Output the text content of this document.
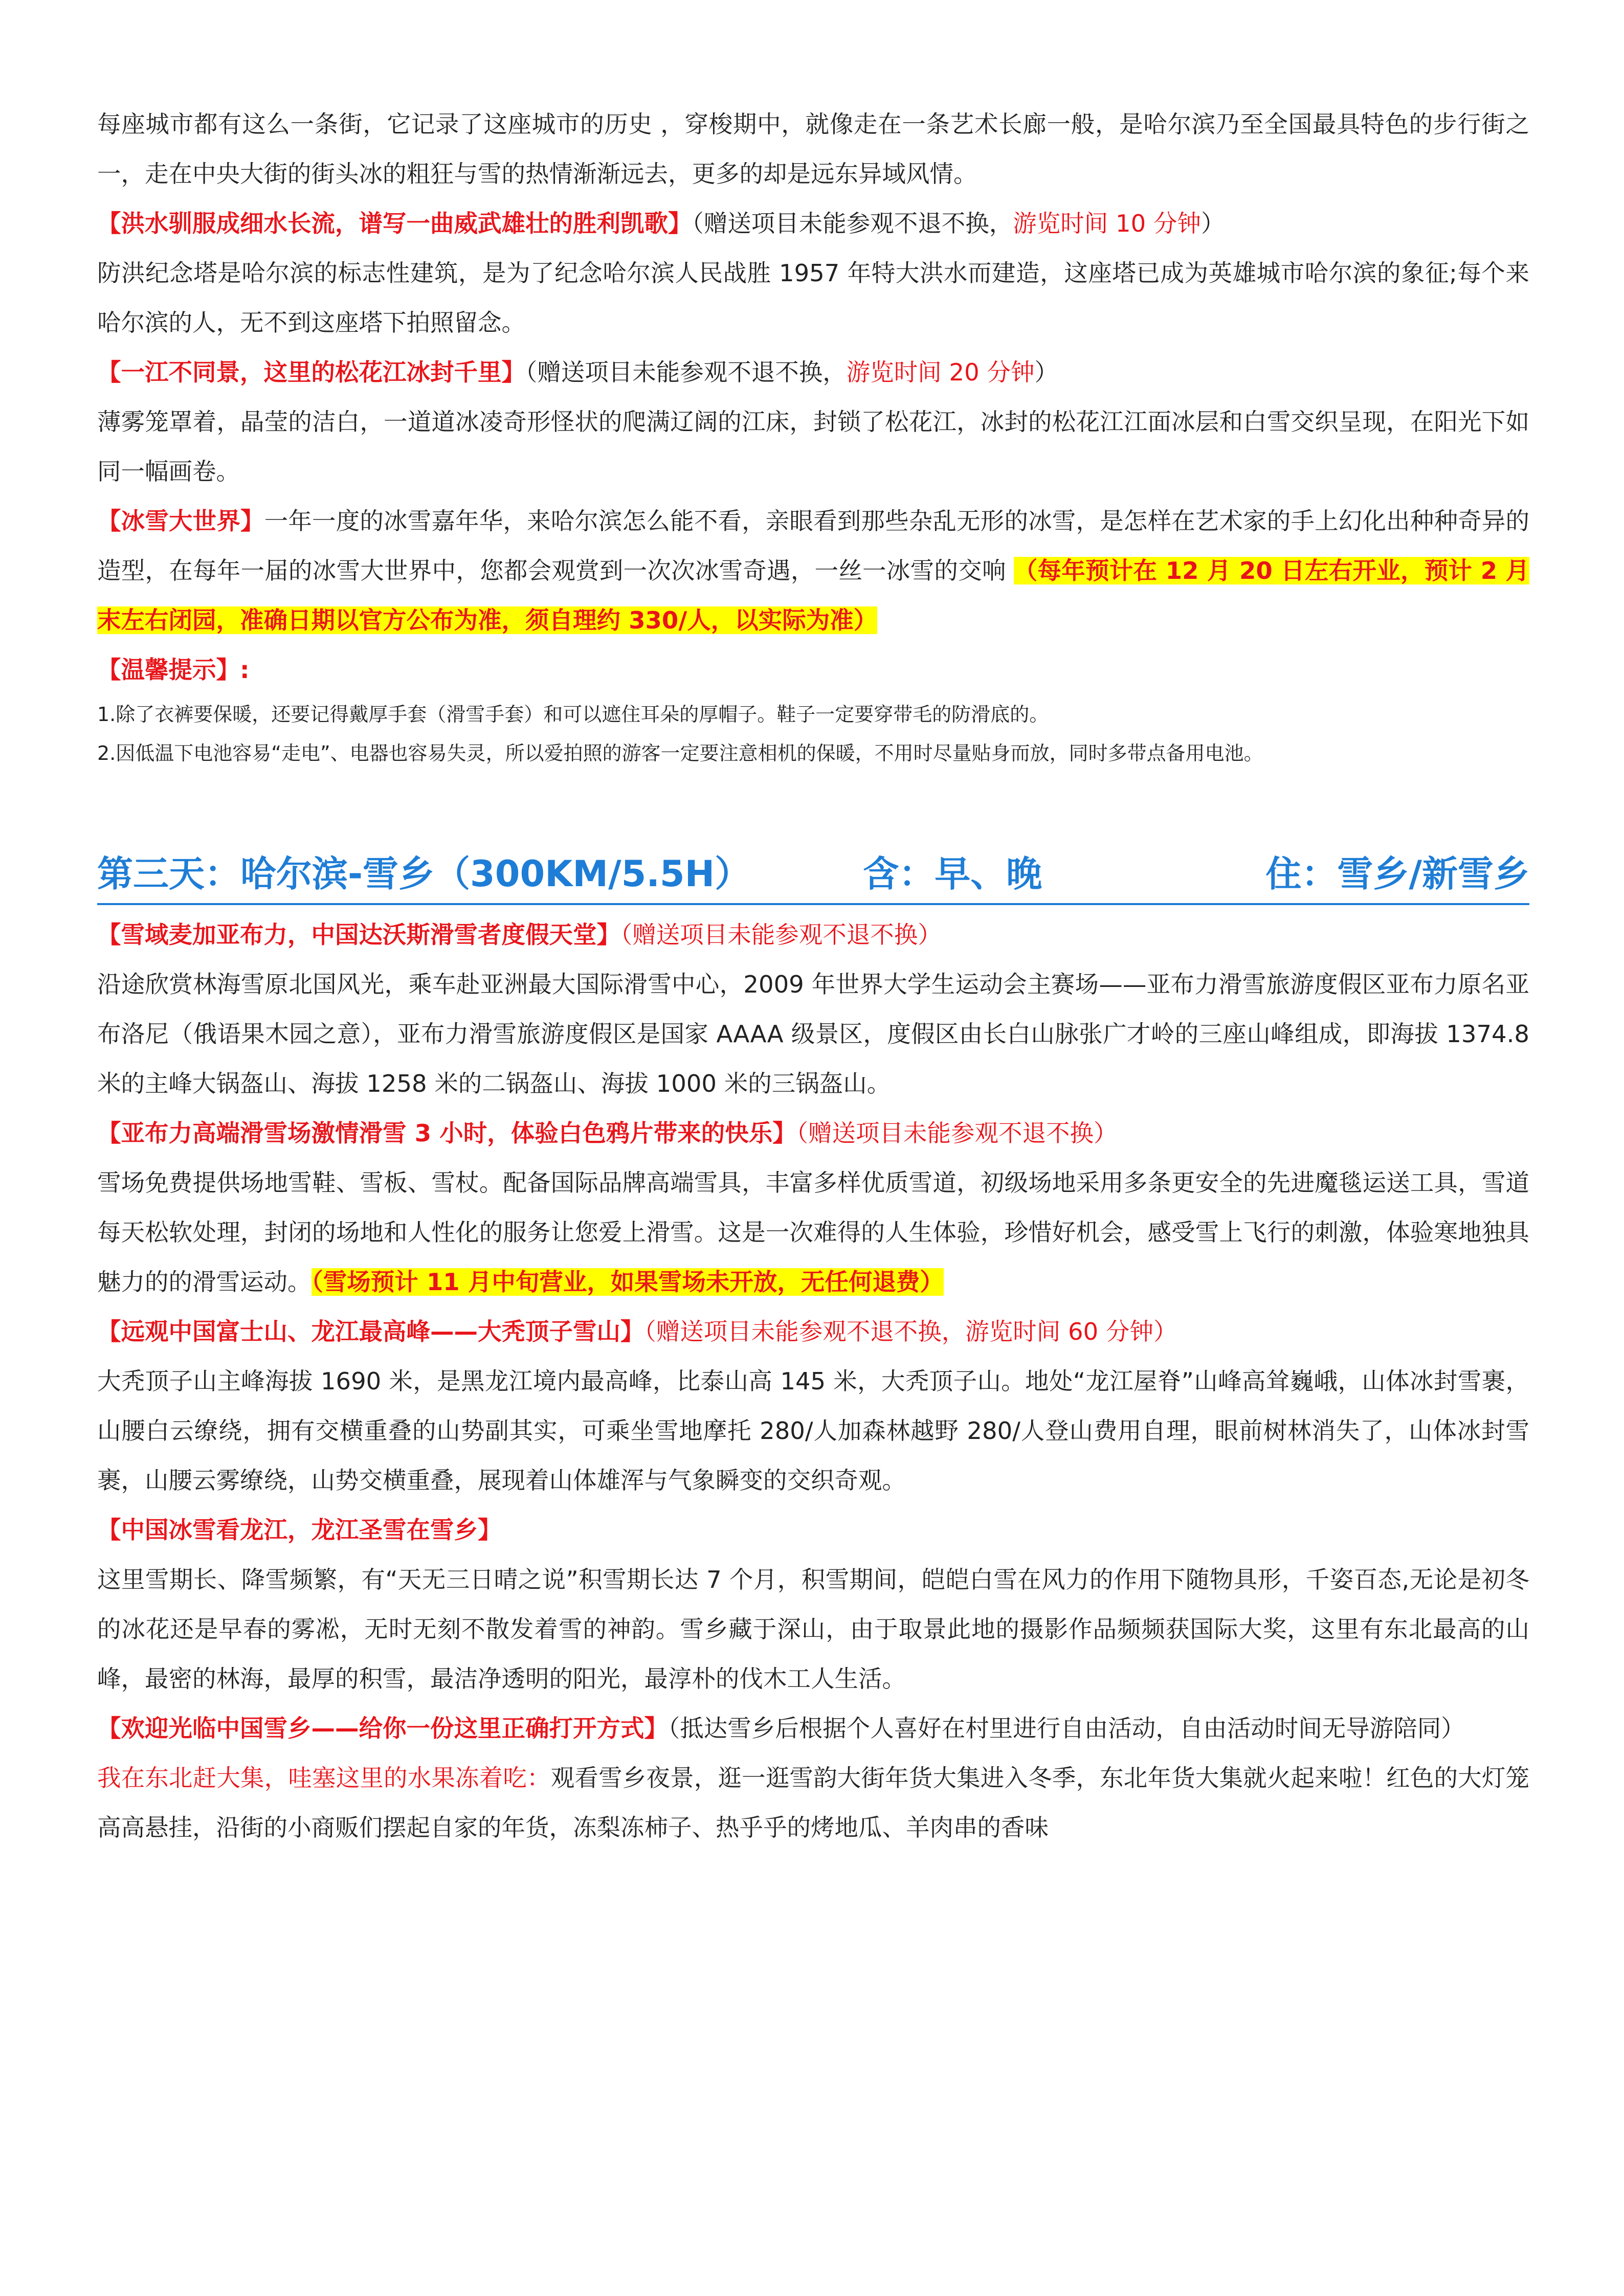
每座城市都有这么一条街，它记录了这座城市的历史 ，穿梭期中，就像走在一条艺术长廊一般，是哈尔滨乃至全国最具特色的步行街之一，走在中央大街的街头冰的粗狂与雪的热情渐渐远去，更多的却是远东异域风情。

【洪水驯服成细水长流，谱写一曲威武雄壮的胜利凯歌】（赠送项目未能参观不退不换，游览时间 10 分钟）

防洪纪念塔是哈尔滨的标志性建筑，是为了纪念哈尔滨人民战胜 1957 年特大洪水而建造，这座塔已成为英雄城市哈尔滨的象征;每个来哈尔滨的人，无不到这座塔下拍照留念。

【一江不同景，这里的松花江冰封千里】（赠送项目未能参观不退不换，游览时间 20 分钟）

薄雾笼罩着，晶莹的洁白，一道道冰凌奇形怪状的爬满辽阔的江床，封锁了松花江，冰封的松花江江面冰层和白雪交织呈现，在阳光下如同一幅画卷。

【冰雪大世界】一年一度的冰雪嘉年华，来哈尔滨怎么能不看，亲眼看到那些杂乱无形的冰雪，是怎样在艺术家的手上幻化出种种奇异的造型，在每年一届的冰雪大世界中，您都会观赏到一次次冰雪奇遇，一丝一冰雪的交响 （每年预计在 12 月 20 日左右开业，预计 2 月末左右闭园，准确日期以官方公布为准，须自理约 330/人，以实际为准）

【温馨提示】:

1.除了衣裤要保暖，还要记得戴厚手套（滑雪手套）和可以遮住耳朵的厚帽子。鞋子一定要穿带毛的防滑底的。

2.因低温下电池容易“走电”、电器也容易失灵，所以爱拍照的游客一定要注意相机的保暖，不用时尽量贴身而放，同时多带点备用电池。

第三天：哈尔滨-雪乡（300KM/5.5H）	含：早、晚	住：雪乡/新雪乡

【雪域麦加亚布力，中国达沃斯滑雪者度假天堂】（赠送项目未能参观不退不换）

沿途欣赏林海雪原北国风光，乘车赴亚洲最大国际滑雪中心，2009 年世界大学生运动会主赛场——亚布力滑雪旅游度假区亚布力原名亚布洛尼（俄语果木园之意），亚布力滑雪旅游度假区是国家 AAAA 级景区，度假区由长白山脉张广才岭的三座山峰组成，即海拔 1374.8 米的主峰大锅盔山、海拔 1258 米的二锅盔山、海拔 1000 米的三锅盔山。

【亚布力高端滑雪场激情滑雪 3 小时，体验白色鸦片带来的快乐】（赠送项目未能参观不退不换）

雪场免费提供场地雪鞋、雪板、雪杖。配备国际品牌高端雪具，丰富多样优质雪道，初级场地采用多条更安全的先进魔毯运送工具，雪道每天松软处理，封闭的场地和人性化的服务让您爱上滑雪。这是一次难得的人生体验，珍惜好机会，感受雪上飞行的刺激，体验寒地独具魅力的的滑雪运动。（雪场预计 11 月中旬营业，如果雪场未开放，无任何退费）

【远观中国富士山、龙江最高峰——大秃顶子雪山】（赠送项目未能参观不退不换，游览时间 60 分钟）

大秃顶子山主峰海拔 1690 米，是黑龙江境内最高峰，比泰山高 145 米，大秃顶子山。地处“龙江屋脊”山峰高耸巍峨，山体冰封雪裹，山腰白云缭绕，拥有交横重叠的山势副其实，可乘坐雪地摩托 280/人加森林越野 280/人登山费用自理，眼前树林消失了，山体冰封雪裹，山腰云雾缭绕，山势交横重叠，展现着山体雄浑与气象瞬变的交织奇观。

【中国冰雪看龙江，龙江圣雪在雪乡】

这里雪期长、降雪频繁，有“天无三日晴之说”积雪期长达 7 个月，积雪期间，皑皑白雪在风力的作用下随物具形，千姿百态,无论是初冬的冰花还是早春的雾凇，无时无刻不散发着雪的神韵。雪乡藏于深山，由于取景此地的摄影作品频频获国际大奖，这里有东北最高的山峰，最密的林海，最厚的积雪，最洁净透明的阳光，最淳朴的伐木工人生活。

【欢迎光临中国雪乡——给你一份这里正确打开方式】（抵达雪乡后根据个人喜好在村里进行自由活动，自由活动时间无导游陪同）

我在东北赶大集，哇塞这里的水果冻着吃：观看雪乡夜景，逛一逛雪韵大街年货大集进入冬季，东北年货大集就火起来啦！红色的大灯笼高高悬挂，沿街的小商贩们摆起自家的年货，冻梨冻柿子、热乎乎的烤地瓜、羊肉串的香味
